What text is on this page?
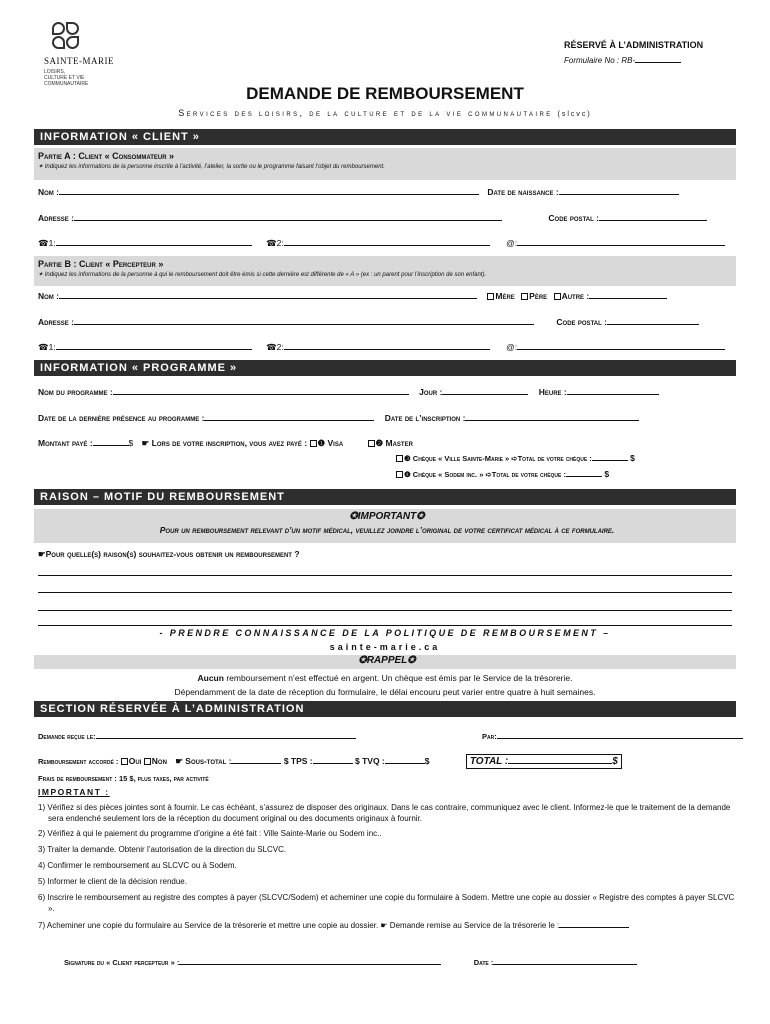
SAINTE-MARIE
LOISIRS,
CULTURE ET VIE
COMMUNAUTAIRE
RÉSERVÉ À L’ADMINISTRATION
Formulaire No : RB-
DEMANDE DE REMBOURSEMENT
Services des loisirs, de la culture et de la vie communautaire (slcvc)
INFORMATION « CLIENT »
Partie A : Client « Consommateur »
✶ Indiquez les informations de la personne inscrite à l’activité, l’atelier, la sortie ou le programme faisant l’objet du remboursement.
Nom :	Date de naissance :
Adresse :	Code postal :
☎1:	☎2:	@:
Partie B : Client « Percepteur »
✶ Indiquez les informations de la personne à qui le remboursement doit être émis si cette dernière est différente de « A » (ex : un parent pour l’inscription de son enfant).
Nom :	Mère Père Autre :
Adresse :	Code postal :
☎1:	☎2:	@:
INFORMATION « PROGRAMME »
Nom du programme :	Jour :	Heure :
Date de la dernière présence au programme :	Date de l’inscription :
Montant payé :	$ ☛ Lors de votre inscription, vous avez payé : ❶ Visa	❷ Master
❸ Chèque « Ville Sainte-Marie » ➪Total de votre chèque :	$
❹ Chèque « Sodem inc. » ➪Total de votre chèque :	$
RAISON – MOTIF DU REMBOURSEMENT
✪IMPORTANT✪
Pour un remboursement relevant d’un motif médical, veuillez joindre l’original de votre certificat médical à ce formulaire.
☛Pour quelle(s) raison(s) souhaitez-vous obtenir un remboursement ?
- PRENDRE CONNAISSANCE DE LA POLITIQUE DE REMBOURSEMENT –
sainte-marie.ca
✪RAPPEL✪
Aucun remboursement n’est effectué en argent. Un chèque est émis par le Service de la trésorerie.
Dépendamment de la date de réception du formulaire, le délai encouru peut varier entre quatre à huit semaines.
SECTION RÉSERVÉE À L’ADMINISTRATION
Demande reçue le:	Par:
Remboursement accordé : Oui Non ☛ Sous-total :	$ TPS :	$ TVQ :	$	TOTAL :	$
Frais de remboursement : 15 $, plus taxes, par activité
IMPORTANT :
1) Vérifiez si des pièces jointes sont à fournir. Le cas échéant, s’assurez de disposer des originaux. Dans le cas contraire, communiquez avec le client. Informez-le que le traitement de la demande sera endenché seulement lors de la réception du document original ou des documents originaux à fournir.
2) Vérifiez à qui le paiement du programme d’origine a été fait : Ville Sainte-Marie ou Sodem inc..
3) Traiter la demande. Obtenir l’autorisation de la direction du SLCVC.
4) Confirmer le remboursement au SLCVC ou à Sodem.
5) Informer le client de la décision rendue.
6) Inscrire le remboursement au registre des comptes à payer (SLCVC/Sodem) et acheminer une copie du formulaire à Sodem. Mettre une copie au dossier « Registre des comptes à payer SLCVC ».
7) Acheminer une copie du formulaire au Service de la trésorerie et mettre une copie au dossier. ☛ Demande remise au Service de la trésorerie le :
Signature du « Client percepteur » :	Date :
